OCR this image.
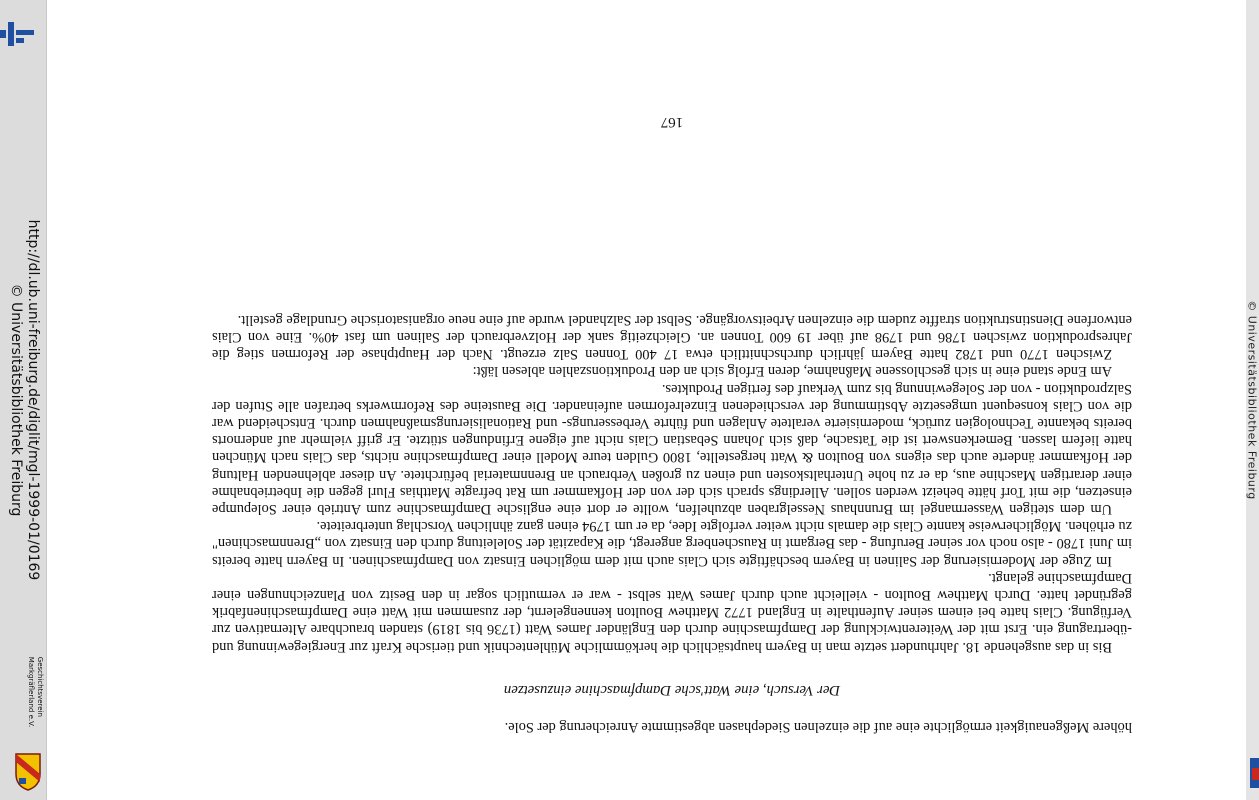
http://dl.ub.uni-freiburg.de/diglit/mgl-1999-01/0169
© Universitätsbibliothek Freiburg
Geschichtsverein
Markgräflerland e.V.
© Universitätsbibliothek Freiburg

höhere Meßgenauigkeit ermöglichte eine auf die einzelnen Siedephasen abgestimmte Anreicherung der Sole.

Der Versuch, eine Watt'sche Dampfmaschine einzusetzen

Bis in das ausgehende 18. Jahrhundert setzte man in Bayern hauptsächlich die herkömmliche Mühlentechnik und tierische Kraft zur Energiegewinnung und -übertragung ein. Erst mit der Weiterentwicklung der Dampfmaschine durch den Engländer James Watt (1736 bis 1819) standen brauchbare Alternativen zur Verfügung. Clais hatte bei einem seiner Aufenthalte in England 1772 Matthew Boulton kennengelernt, der zusammen mit Watt eine Dampfmaschinenfabrik gegründet hatte. Durch Matthew Boulton - vielleicht auch durch James Watt selbst - war er vermutlich sogar in den Besitz von Planzeichnungen einer Dampfmaschine gelangt.

Im Zuge der Modernisierung der Salinen in Bayern beschäftigte sich Clais auch mit dem möglichen Einsatz von Dampfmaschinen. In Bayern hatte bereits im Juni 1780 - also noch vor seiner Berufung - das Bergamt in Rauschenberg angeregt, die Kapazität der Soleleitung durch den Einsatz von „Brennmaschinen" zu erhöhen. Möglicherweise kannte Clais die damals nicht weiter verfolgte Idee, da er um 1794 einen ganz ähnlichen Vorschlag unterbreitete.

Um dem stetigen Wassermangel im Brunnhaus Nesselgraben abzuhelfen, wollte er dort eine englische Dampfmaschine zum Antrieb einer Solepumpe einsetzen, die mit Torf hätte beheizt werden sollen. Allerdings sprach sich der von der Hofkammer um Rat befragte Matthias Flurl gegen die Inbetriebnahme einer derartigen Maschine aus, da er zu hohe Unterhaltskosten und einen zu großen Verbrauch an Brennmaterial befürchtete. An dieser ablehnenden Haltung der Hofkammer änderte auch das eigens von Boulton & Watt hergestellte, 1800 Gulden teure Modell einer Dampfmaschine nichts, das Clais nach München hatte liefern lassen. Bemerkenswert ist die Tatsache, daß sich Johann Sebastian Clais nicht auf eigene Erfindungen stützte. Er griff vielmehr auf andernorts bereits bekannte Technologien zurück, modernisierte veraltete Anlagen und führte Verbesserungs- und Rationalisierungsmaßnahmen durch. Entscheidend war die von Clais konsequent umgesetzte Abstimmung der verschiedenen Einzelreformen aufeinander. Die Bausteine des Reformwerks betrafen alle Stufen der Salzproduktion - von der Solegewinnung bis zum Verkauf des fertigen Produktes.

Am Ende stand eine in sich geschlossene Maßnahme, deren Erfolg sich an den Produktionszahlen ablesen läßt:

Zwischen 1770 und 1782 hatte Bayern jährlich durchschnittlich etwa 17 400 Tonnen Salz erzeugt. Nach der Hauptphase der Reformen stieg die Jahresproduktion zwischen 1786 und 1798 auf über 19 600 Tonnen an. Gleichzeitig sank der Holzverbrauch der Salinen um fast 40%. Eine von Clais entworfene Dienstinstruktion straffte zudem die einzelnen Arbeitsvorgänge. Selbst der Salzhandel wurde auf eine neue organisatorische Grundlage gestellt.

167
